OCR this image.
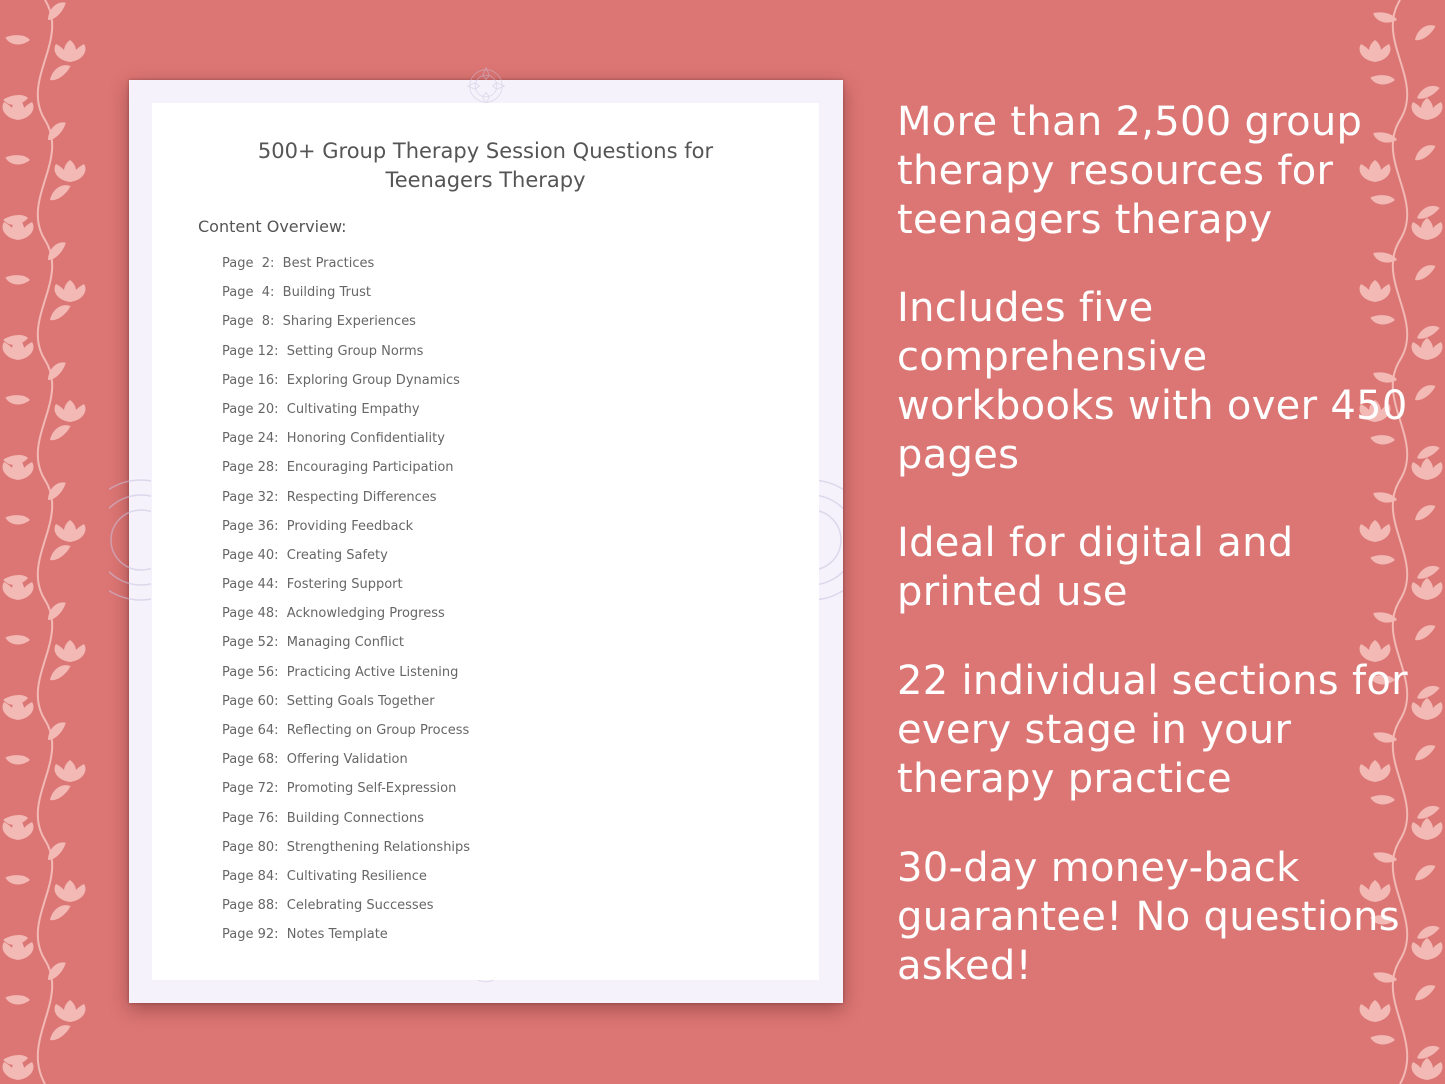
500+ Group Therapy Session Questions for
Teenagers Therapy
Content Overview:
Page  2:  Best Practices
Page  4:  Building Trust
Page  8:  Sharing Experiences
Page 12:  Setting Group Norms
Page 16:  Exploring Group Dynamics
Page 20:  Cultivating Empathy
Page 24:  Honoring Confidentiality
Page 28:  Encouraging Participation
Page 32:  Respecting Differences
Page 36:  Providing Feedback
Page 40:  Creating Safety
Page 44:  Fostering Support
Page 48:  Acknowledging Progress
Page 52:  Managing Conflict
Page 56:  Practicing Active Listening
Page 60:  Setting Goals Together
Page 64:  Reflecting on Group Process
Page 68:  Offering Validation
Page 72:  Promoting Self-Expression
Page 76:  Building Connections
Page 80:  Strengthening Relationships
Page 84:  Cultivating Resilience
Page 88:  Celebrating Successes
Page 92:  Notes Template
More than 2,500 group therapy resources for teenagers therapy
Includes five comprehensive workbooks with over 450 pages
Ideal for digital and printed use
22 individual sections for every stage in your therapy practice
30-day money-back guarantee! No questions asked!
